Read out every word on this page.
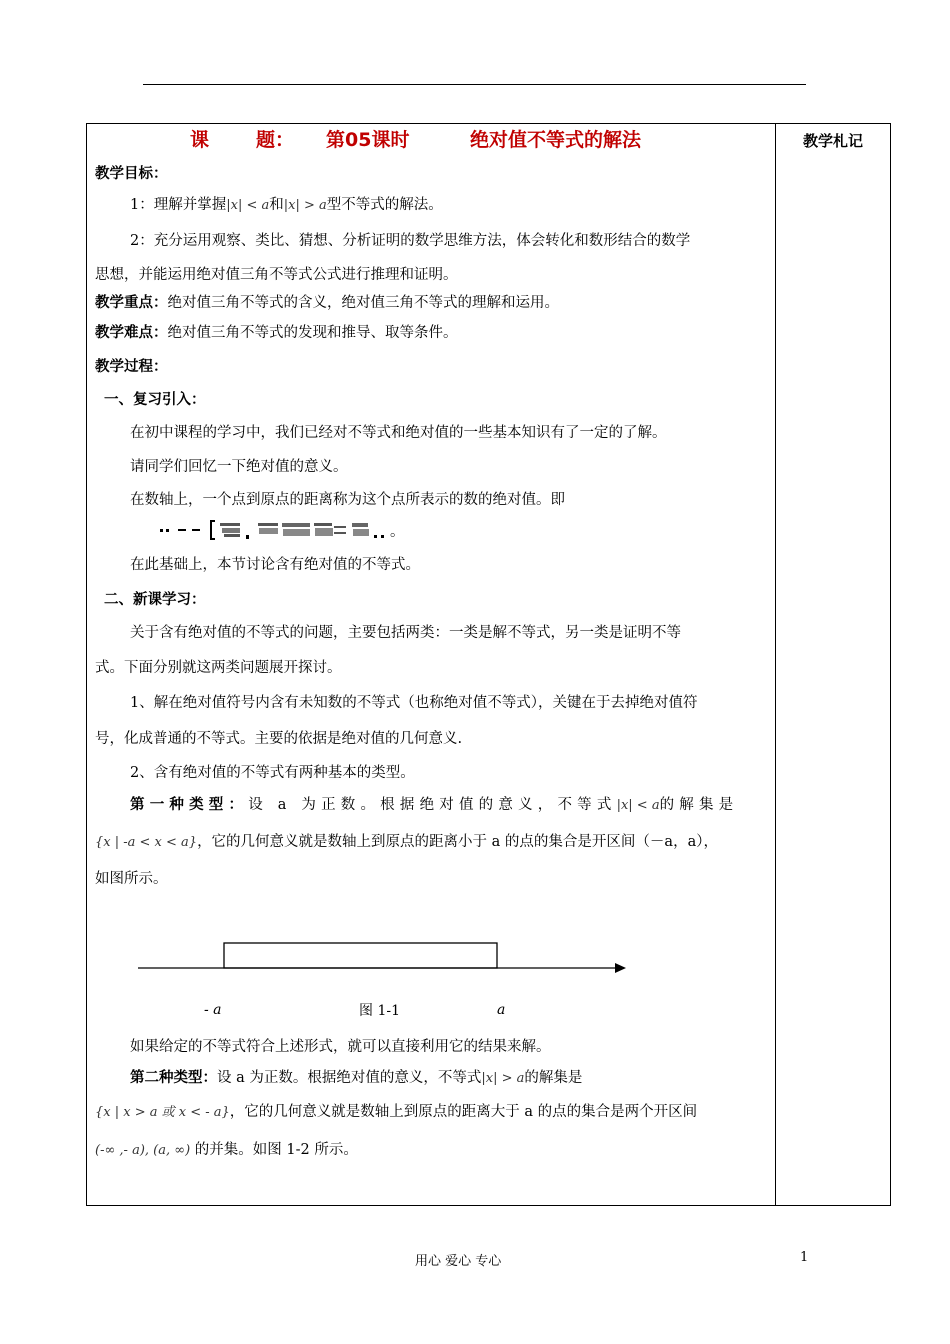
教学札记
课 题： 第05课时	绝对值不等式的解法
教学目标：
1：理解并掌握|x| < a和|x| > a型不等式的解法。
2：充分运用观察、类比、猜想、分析证明的数学思维方法，体会转化和数形结合的数学
思想，并能运用绝对值三角不等式公式进行推理和证明。
教学重点：绝对值三角不等式的含义，绝对值三角不等式的理解和运用。
教学难点：绝对值三角不等式的发现和推导、取等条件。
教学过程：
一、复习引入：
在初中课程的学习中，我们已经对不等式和绝对值的一些基本知识有了一定的了解。
请同学们回忆一下绝对值的意义。
在数轴上，一个点到原点的距离称为这个点所表示的数的绝对值。即
。
在此基础上，本节讨论含有绝对值的不等式。
二、新课学习：
关于含有绝对值的不等式的问题，主要包括两类：一类是解不等式，另一类是证明不等
式。下面分别就这两类问题展开探讨。
1、解在绝对值符号内含有未知数的不等式（也称绝对值不等式），关键在于去掉绝对值符
号，化成普通的不等式。主要的依据是绝对值的几何意义.
2、含有绝对值的不等式有两种基本的类型。
第一种类型：设 a 为正数。根据绝对值的意义，不等式|x| < a的解集是
{x | -a < x < a}，它的几何意义就是数轴上到原点的距离小于 a 的点的集合是开区间（－a，a），
如图所示。
- a	图 1-1	a
如果给定的不等式符合上述形式，就可以直接利用它的结果来解。
第二种类型：设 a 为正数。根据绝对值的意义，不等式|x| > a的解集是
{x | x > a 或 x < - a}，它的几何意义就是数轴上到原点的距离大于 a 的点的集合是两个开区间
(-∞ ,- a), (a, ∞) 的并集。如图 1-2 所示。
用心 爱心 专心	1
